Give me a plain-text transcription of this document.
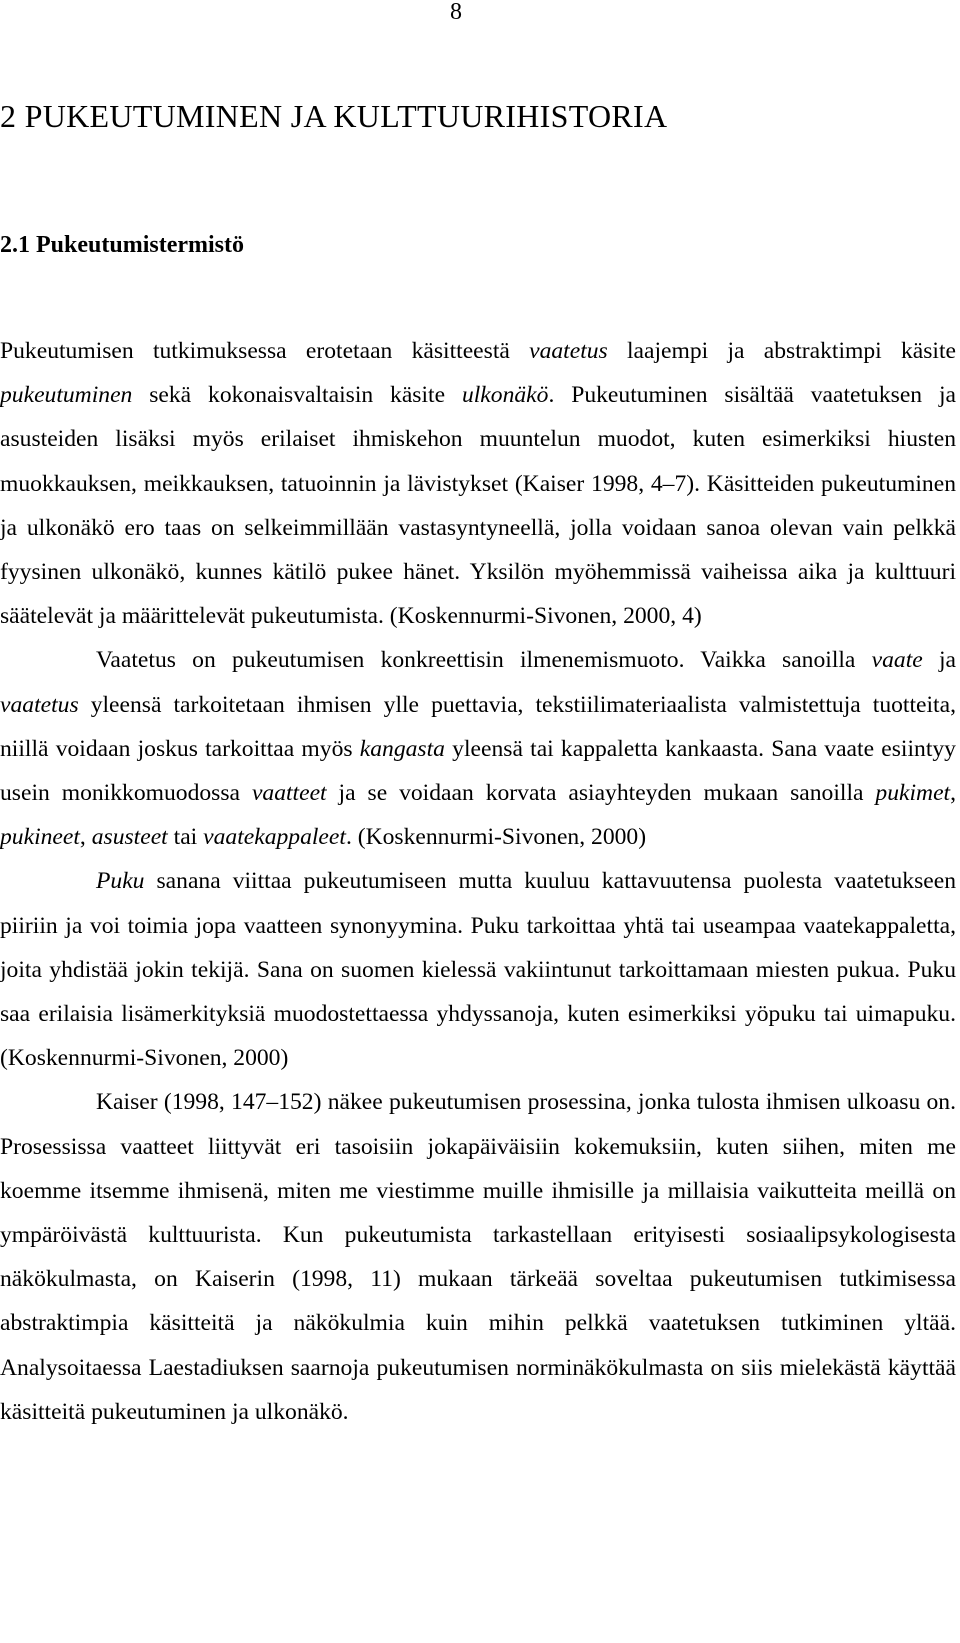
8
2 PUKEUTUMINEN JA KULTTUURIHISTORIA
2.1 Pukeutumistermistö

Pukeutumisen tutkimuksessa erotetaan käsitteestä vaatetus laajempi ja abstraktimpi käsite pukeutuminen sekä kokonaisvaltaisin käsite ulkonäkö. Pukeutuminen sisältää vaatetuksen ja asusteiden lisäksi myös erilaiset ihmiskehon muuntelun muodot, kuten esimerkiksi hiusten muokkauksen, meikkauksen, tatuoinnin ja lävistykset (Kaiser 1998, 4–7). Käsitteiden pukeutuminen ja ulkonäkö ero taas on selkeimmillään vastasyntyneellä, jolla voidaan sanoa olevan vain pelkkä fyysinen ulkonäkö, kunnes kätilö pukee hänet. Yksilön myöhemmissä vaiheissa aika ja kulttuuri säätelevät ja määrittelevät pukeutumista. (Koskennurmi-Sivonen, 2000, 4)

Vaatetus on pukeutumisen konkreettisin ilmenemismuoto. Vaikka sanoilla vaate ja vaatetus yleensä tarkoitetaan ihmisen ylle puettavia, tekstiilimateriaalista valmistettuja tuotteita, niillä voidaan joskus tarkoittaa myös kangasta yleensä tai kappaletta kankaasta. Sana vaate esiintyy usein monikkomuodossa vaatteet ja se voidaan korvata asiayhteyden mukaan sanoilla pukimet, pukineet, asusteet tai vaatekappaleet. (Koskennurmi-Sivonen, 2000)

Puku sanana viittaa pukeutumiseen mutta kuuluu kattavuutensa puolesta vaatetukseen piiriin ja voi toimia jopa vaatteen synonyymina. Puku tarkoittaa yhtä tai useampaa vaatekappaletta, joita yhdistää jokin tekijä. Sana on suomen kielessä vakiintunut tarkoittamaan miesten pukua. Puku saa erilaisia lisämerkityksiä muodostettaessa yhdyssanoja, kuten esimerkiksi yöpuku tai uimapuku. (Koskennurmi-Sivonen, 2000)

Kaiser (1998, 147–152) näkee pukeutumisen prosessina, jonka tulosta ihmisen ulkoasu on. Prosessissa vaatteet liittyvät eri tasoisiin jokapäiväisiin kokemuksiin, kuten siihen, miten me koemme itsemme ihmisenä, miten me viestimme muille ihmisille ja millaisia vaikutteita meillä on ympäröivästä kulttuurista. Kun pukeutumista tarkastellaan erityisesti sosiaalipsykologisesta näkökulmasta, on Kaiserin (1998, 11) mukaan tärkeää soveltaa pukeutumisen tutkimisessa abstraktimpia käsitteitä ja näkökulmia kuin mihin pelkkä vaatetuksen tutkiminen yltää. Analysoitaessa Laestadiuksen saarnoja pukeutumisen norminäkökulmasta on siis mielekästä käyttää käsitteitä pukeutuminen ja ulkonäkö.
